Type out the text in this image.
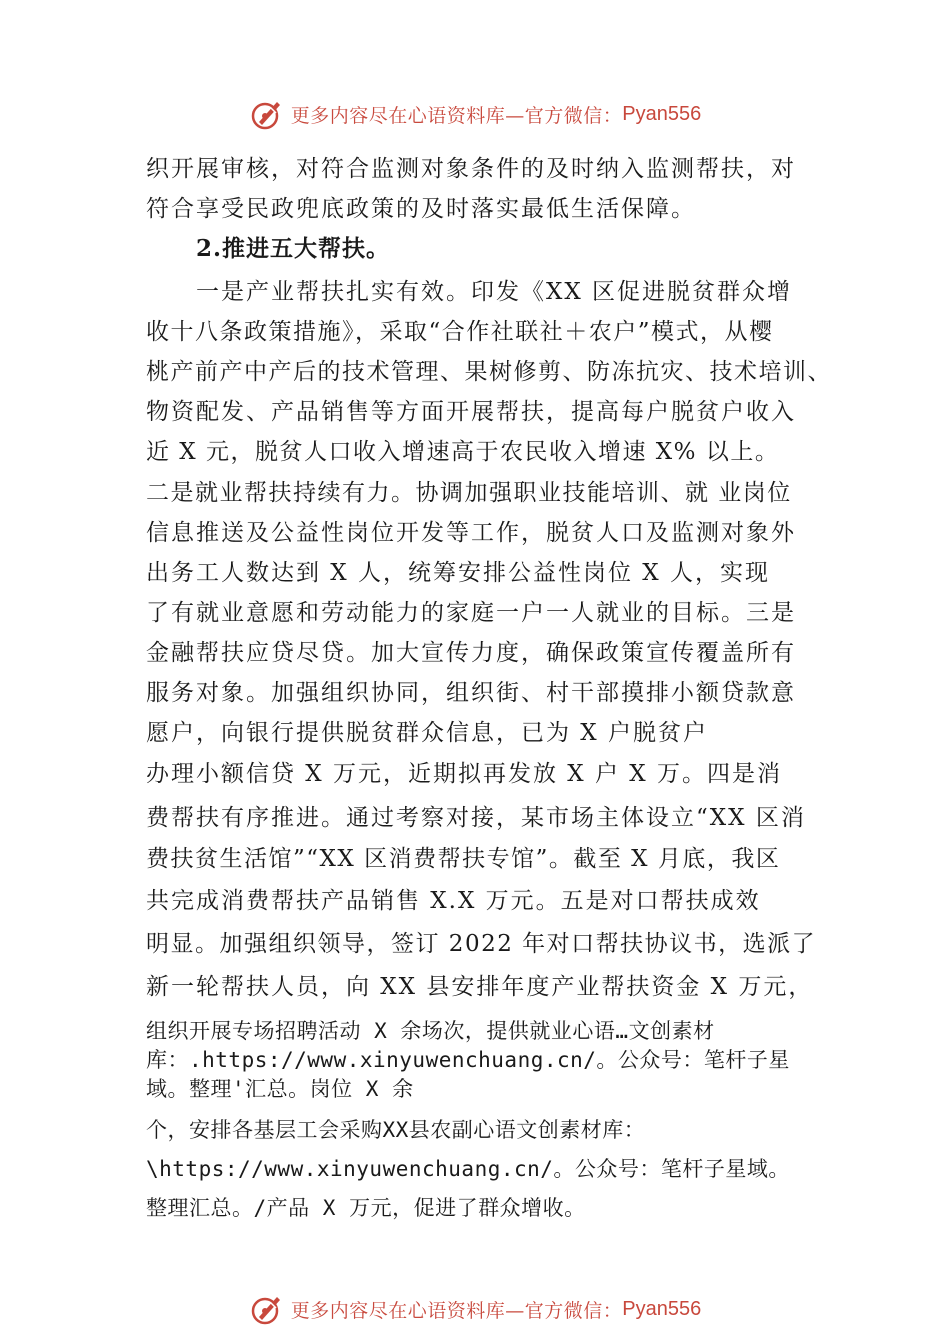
更多内容尽在心语资料库—官方微信： Pyan556
织开展审核，对符合监测对象条件的及时纳入监测帮扶，对
符合享受民政兜底政策的及时落实最低生活保障。
2.推进五大帮扶。
一是产业帮扶扎实有效。印发《XX 区促进脱贫群众增
收十八条政策措施》，采取“合作社联社＋农户”模式，从樱
桃产前产中产后的技术管理、果树修剪、防冻抗灾、技术培训、
物资配发、产品销售等方面开展帮扶，提高每户脱贫户收入
近 X 元，脱贫人口收入增速高于农民收入增速 X% 以上。
二是就业帮扶持续有力。协调加强职业技能培训、就 业岗位
信息推送及公益性岗位开发等工作，脱贫人口及监测对象外
出务工人数达到 X 人，统筹安排公益性岗位 X 人，实现
了有就业意愿和劳动能力的家庭一户一人就业的目标。三是
金融帮扶应贷尽贷。加大宣传力度，确保政策宣传覆盖所有
服务对象。加强组织协同，组织街、村干部摸排小额贷款意
愿户，向银行提供脱贫群众信息，已为 X 户脱贫户
办理小额信贷 X 万元，近期拟再发放 X 户 X 万。四是消
费帮扶有序推进。通过考察对接，某市场主体设立“XX 区消
费扶贫生活馆”“XX 区消费帮扶专馆”。截至 X 月底，我区
共完成消费帮扶产品销售 X.X 万元。五是对口帮扶成效
明显。加强组织领导，签订 2022 年对口帮扶协议书，选派了
新一轮帮扶人员，向 XX 县安排年度产业帮扶资金 X 万元，
组织开展专场招聘活动 X 余场次，提供就业心语…文创素材
库：.https://www.xinyuwenchuang.cn/。公众号：笔杆子星
域。整理'汇总。岗位 X 余
个，安排各基层工会采购XX县农副心语文创素材库：
\https://www.xinyuwenchuang.cn/。公众号：笔杆子星域。
整理汇总。/产品 X 万元，促进了群众增收。
更多内容尽在心语资料库—官方微信： Pyan556
